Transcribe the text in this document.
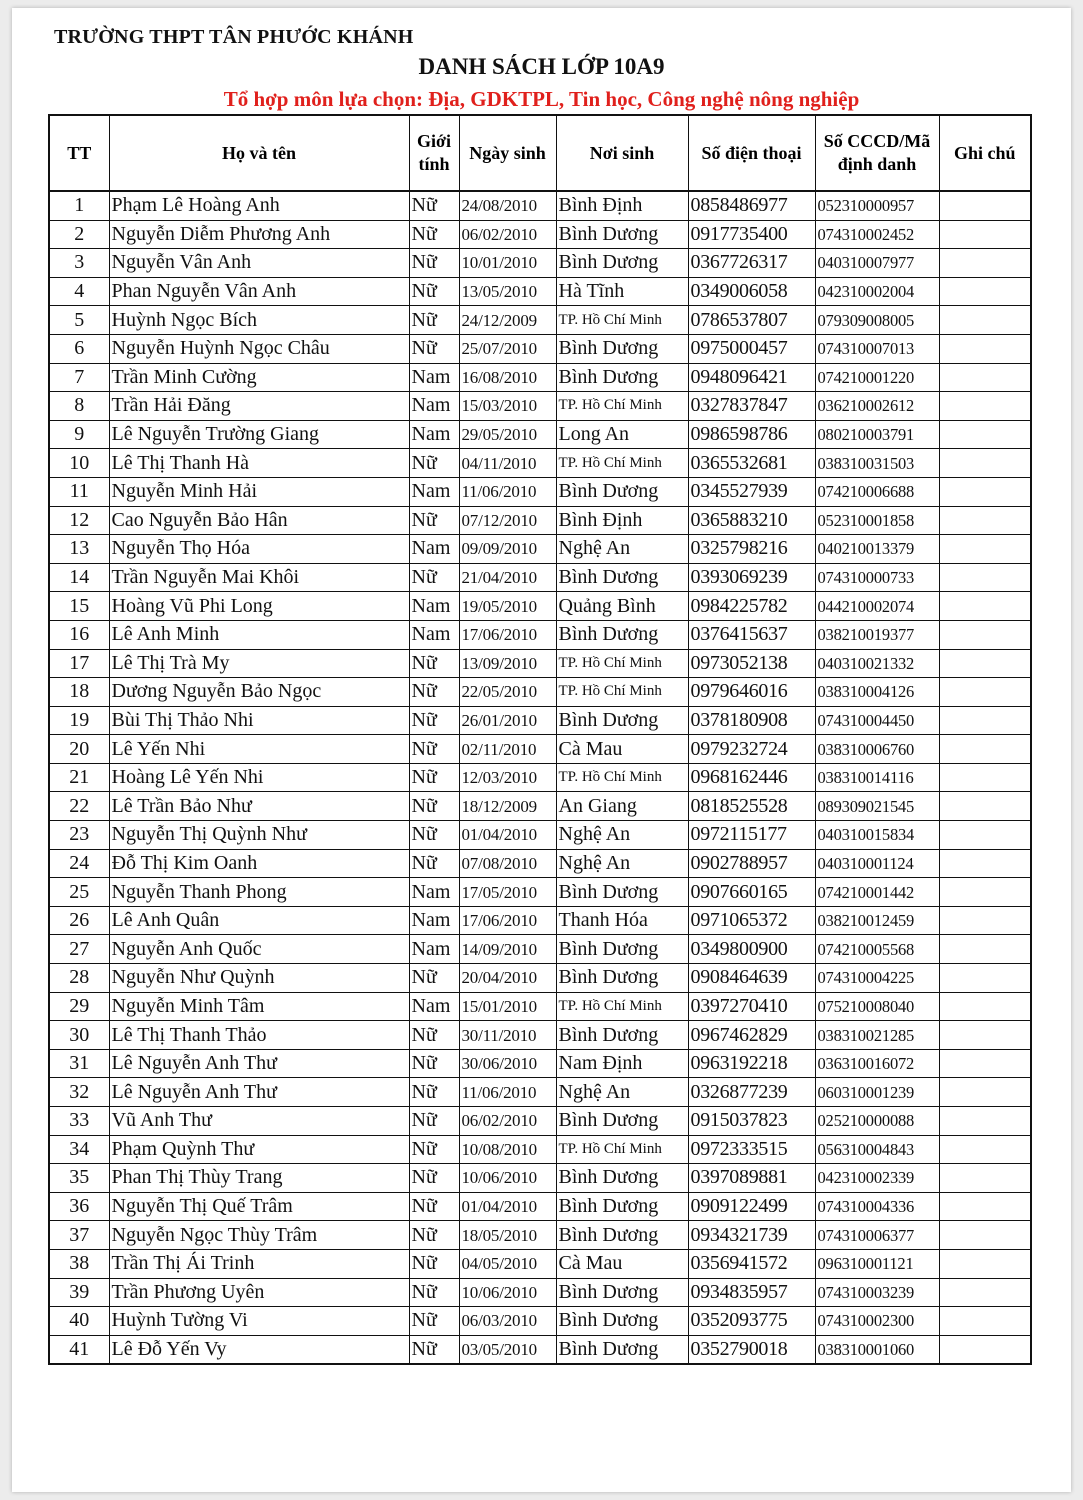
TRƯỜNG THPT TÂN PHƯỚC KHÁNH
DANH SÁCH LỚP 10A9
Tổ hợp môn lựa chọn: Địa, GDKTPL, Tin học, Công nghệ nông nghiệp
TT	Họ và tên	Giới tính	Ngày sinh	Nơi sinh	Số điện thoại	Số CCCD/Mã định danh	Ghi chú
1	Phạm Lê Hoàng Anh	Nữ	24/08/2010	Bình Định	0858486977	052310000957	
2	Nguyễn Diễm Phương Anh	Nữ	06/02/2010	Bình Dương	0917735400	074310002452	
3	Nguyễn Vân Anh	Nữ	10/01/2010	Bình Dương	0367726317	040310007977	
4	Phan Nguyễn Vân Anh	Nữ	13/05/2010	Hà Tĩnh	0349006058	042310002004	
5	Huỳnh Ngọc Bích	Nữ	24/12/2009	TP. Hồ Chí Minh	0786537807	079309008005	
6	Nguyễn Huỳnh Ngọc Châu	Nữ	25/07/2010	Bình Dương	0975000457	074310007013	
7	Trần Minh Cường	Nam	16/08/2010	Bình Dương	0948096421	074210001220	
8	Trần Hải Đăng	Nam	15/03/2010	TP. Hồ Chí Minh	0327837847	036210002612	
9	Lê Nguyễn Trường Giang	Nam	29/05/2010	Long An	0986598786	080210003791	
10	Lê Thị Thanh Hà	Nữ	04/11/2010	TP. Hồ Chí Minh	0365532681	038310031503	
11	Nguyễn Minh Hải	Nam	11/06/2010	Bình Dương	0345527939	074210006688	
12	Cao Nguyễn Bảo Hân	Nữ	07/12/2010	Bình Định	0365883210	052310001858	
13	Nguyễn Thọ Hóa	Nam	09/09/2010	Nghệ An	0325798216	040210013379	
14	Trần Nguyễn Mai Khôi	Nữ	21/04/2010	Bình Dương	0393069239	074310000733	
15	Hoàng Vũ Phi Long	Nam	19/05/2010	Quảng Bình	0984225782	044210002074	
16	Lê Anh Minh	Nam	17/06/2010	Bình Dương	0376415637	038210019377	
17	Lê Thị Trà My	Nữ	13/09/2010	TP. Hồ Chí Minh	0973052138	040310021332	
18	Dương Nguyễn Bảo Ngọc	Nữ	22/05/2010	TP. Hồ Chí Minh	0979646016	038310004126	
19	Bùi Thị Thảo Nhi	Nữ	26/01/2010	Bình Dương	0378180908	074310004450	
20	Lê Yến Nhi	Nữ	02/11/2010	Cà Mau	0979232724	038310006760	
21	Hoàng Lê Yến Nhi	Nữ	12/03/2010	TP. Hồ Chí Minh	0968162446	038310014116	
22	Lê Trần Bảo Như	Nữ	18/12/2009	An Giang	0818525528	089309021545	
23	Nguyễn Thị Quỳnh Như	Nữ	01/04/2010	Nghệ An	0972115177	040310015834	
24	Đỗ Thị Kim Oanh	Nữ	07/08/2010	Nghệ An	0902788957	040310001124	
25	Nguyễn Thanh Phong	Nam	17/05/2010	Bình Dương	0907660165	074210001442	
26	Lê Anh Quân	Nam	17/06/2010	Thanh Hóa	0971065372	038210012459	
27	Nguyễn Anh Quốc	Nam	14/09/2010	Bình Dương	0349800900	074210005568	
28	Nguyễn Như Quỳnh	Nữ	20/04/2010	Bình Dương	0908464639	074310004225	
29	Nguyễn Minh Tâm	Nam	15/01/2010	TP. Hồ Chí Minh	0397270410	075210008040	
30	Lê Thị Thanh Thảo	Nữ	30/11/2010	Bình Dương	0967462829	038310021285	
31	Lê Nguyễn Anh Thư	Nữ	30/06/2010	Nam Định	0963192218	036310016072	
32	Lê Nguyễn Anh Thư	Nữ	11/06/2010	Nghệ An	0326877239	060310001239	
33	Vũ Anh Thư	Nữ	06/02/2010	Bình Dương	0915037823	025210000088	
34	Phạm Quỳnh Thư	Nữ	10/08/2010	TP. Hồ Chí Minh	0972333515	056310004843	
35	Phan Thị Thùy Trang	Nữ	10/06/2010	Bình Dương	0397089881	042310002339	
36	Nguyễn Thị Quế Trâm	Nữ	01/04/2010	Bình Dương	0909122499	074310004336	
37	Nguyễn Ngọc Thùy Trâm	Nữ	18/05/2010	Bình Dương	0934321739	074310006377	
38	Trần Thị Ái Trinh	Nữ	04/05/2010	Cà Mau	0356941572	096310001121	
39	Trần Phương Uyên	Nữ	10/06/2010	Bình Dương	0934835957	074310003239	
40	Huỳnh Tường Vi	Nữ	06/03/2010	Bình Dương	0352093775	074310002300	
41	Lê Đỗ Yến Vy	Nữ	03/05/2010	Bình Dương	0352790018	038310001060	
